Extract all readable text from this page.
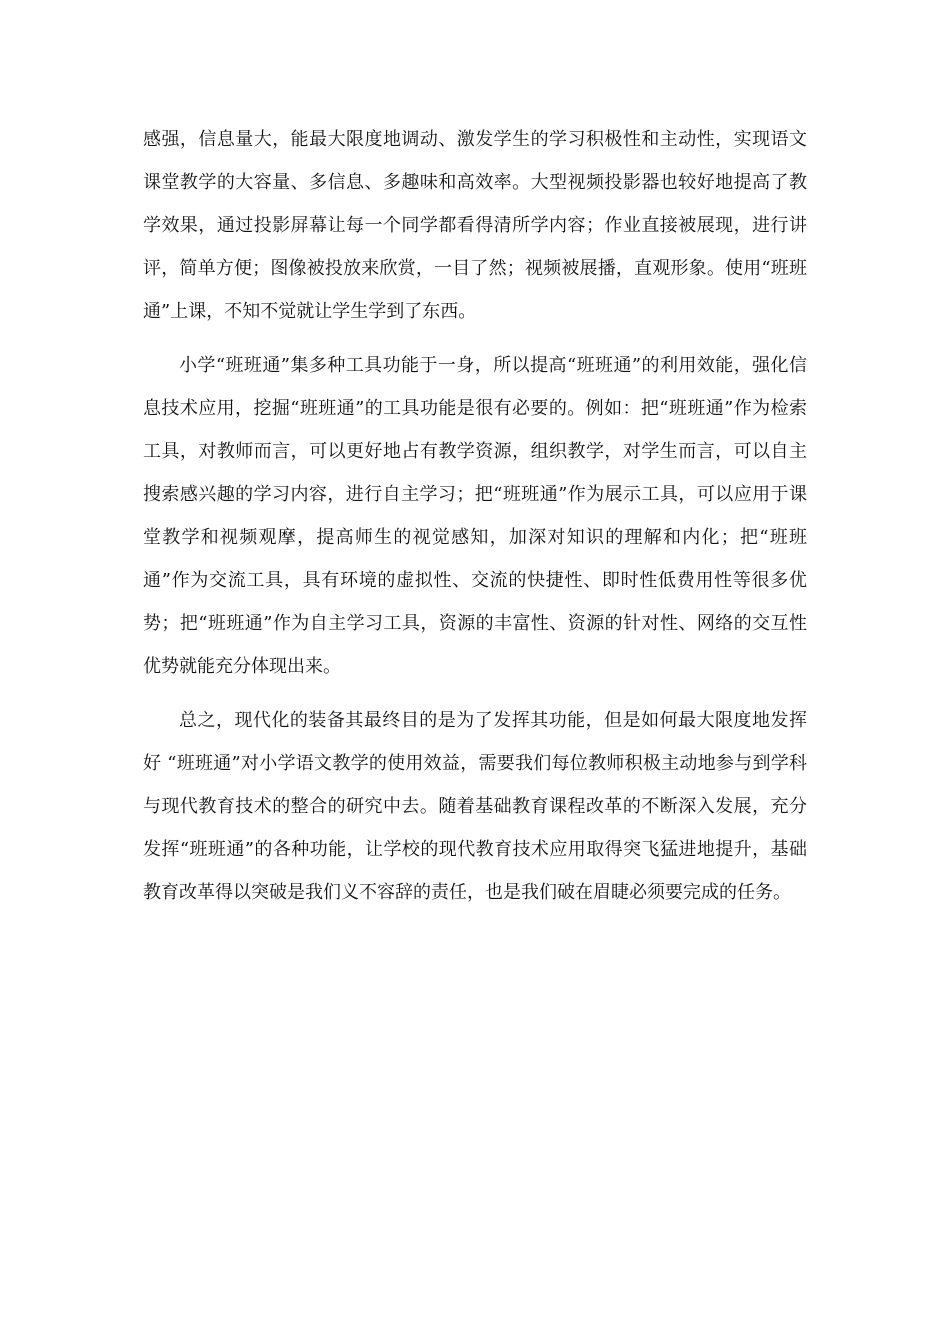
感强，信息量大，能最大限度地调动、激发学生的学习积极性和主动性，实现语文课堂教学的大容量、多信息、多趣味和高效率。大型视频投影器也较好地提高了教学效果，通过投影屏幕让每一个同学都看得清所学内容；作业直接被展现，进行讲评，简单方便；图像被投放来欣赏，一目了然；视频被展播，直观形象。使用“班班通”上课，不知不觉就让学生学到了东西。

小学“班班通”集多种工具功能于一身，所以提高“班班通”的利用效能，强化信息技术应用，挖掘“班班通”的工具功能是很有必要的。例如：把“班班通”作为检索工具，对教师而言，可以更好地占有教学资源，组织教学，对学生而言，可以自主搜索感兴趣的学习内容，进行自主学习；把“班班通”作为展示工具，可以应用于课堂教学和视频观摩，提高师生的视觉感知，加深对知识的理解和内化；把“班班通”作为交流工具，具有环境的虚拟性、交流的快捷性、即时性低费用性等很多优势；把“班班通”作为自主学习工具，资源的丰富性、资源的针对性、网络的交互性优势就能充分体现出来。

总之，现代化的装备其最终目的是为了发挥其功能，但是如何最大限度地发挥好 “班班通”对小学语文教学的使用效益，需要我们每位教师积极主动地参与到学科与现代教育技术的整合的研究中去。随着基础教育课程改革的不断深入发展，充分发挥“班班通”的各种功能，让学校的现代教育技术应用取得突飞猛进地提升，基础教育改革得以突破是我们义不容辞的责任，也是我们破在眉睫必须要完成的任务。
